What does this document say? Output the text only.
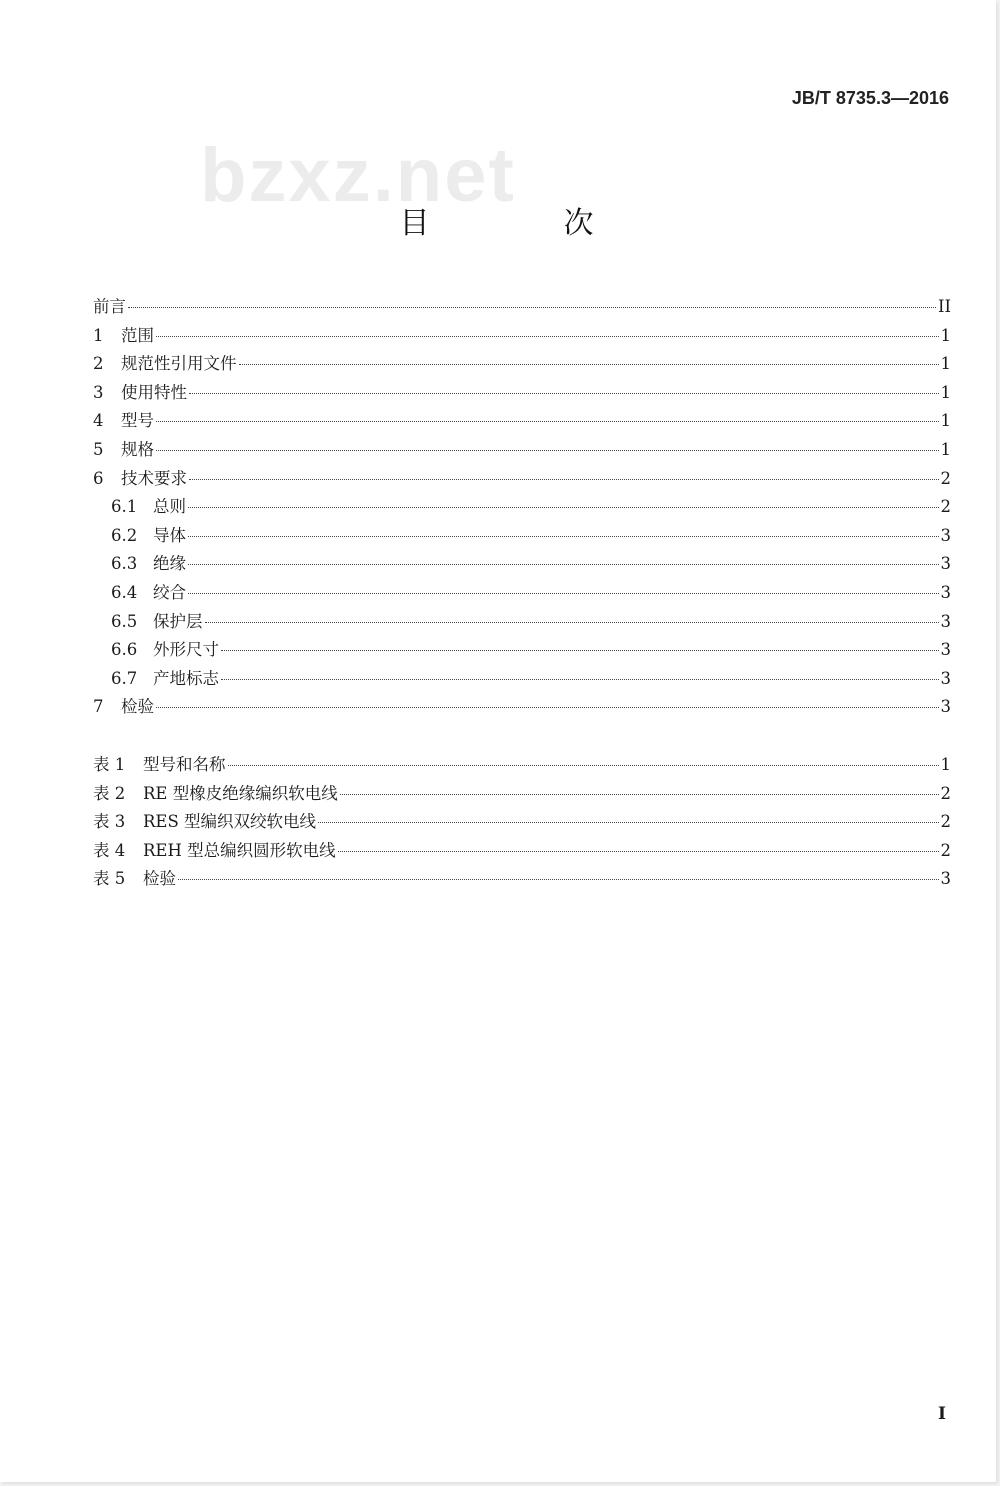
JB/T 8735.3—2016
bzxz.net
目　次
前言	II
1	范围	1
2	规范性引用文件	1
3	使用特性	1
4	型号	1
5	规格	1
6	技术要求	2
6.1 总则	2
6.2 导体	3
6.3 绝缘	3
6.4 绞合	3
6.5 保护层	3
6.6 外形尺寸	3
6.7 产地标志	3
7	检验	3
表 1	型号和名称	1
表 2	RE 型橡皮绝缘编织软电线	2
表 3	RES 型编织双绞软电线	2
表 4	REH 型总编织圆形软电线	2
表 5	检验	3
I
